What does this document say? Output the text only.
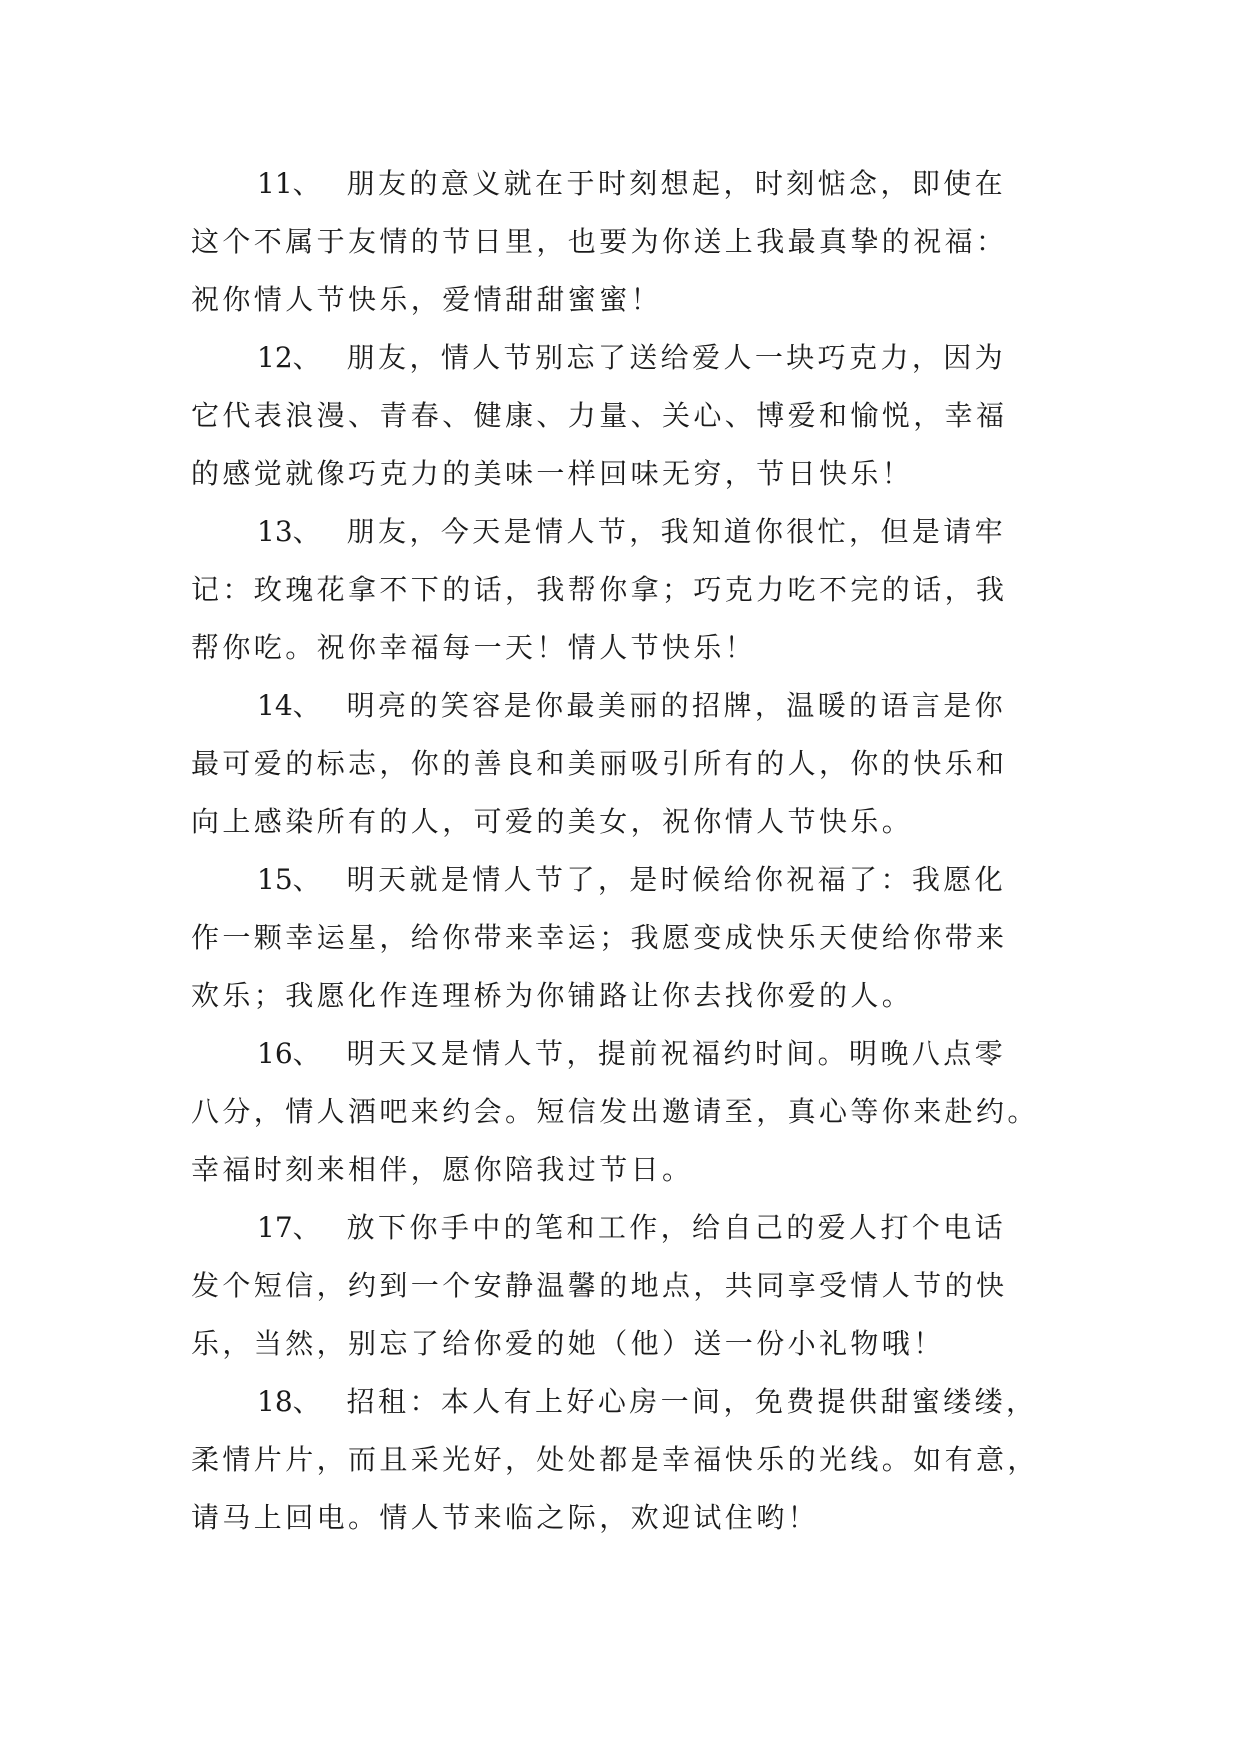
11、 朋友的意义就在于时刻想起，时刻惦念，即使在
这个不属于友情的节日里，也要为你送上我最真挚的祝福：
祝你情人节快乐，爱情甜甜蜜蜜！
12、 朋友，情人节别忘了送给爱人一块巧克力，因为
它代表浪漫、青春、健康、力量、关心、博爱和愉悦，幸福
的感觉就像巧克力的美味一样回味无穷，节日快乐！
13、 朋友，今天是情人节，我知道你很忙，但是请牢
记：玫瑰花拿不下的话，我帮你拿；巧克力吃不完的话，我
帮你吃。祝你幸福每一天！情人节快乐！
14、 明亮的笑容是你最美丽的招牌，温暖的语言是你
最可爱的标志，你的善良和美丽吸引所有的人，你的快乐和
向上感染所有的人，可爱的美女，祝你情人节快乐。
15、 明天就是情人节了，是时候给你祝福了：我愿化
作一颗幸运星，给你带来幸运；我愿变成快乐天使给你带来
欢乐；我愿化作连理桥为你铺路让你去找你爱的人。
16、 明天又是情人节，提前祝福约时间。明晚八点零
八分，情人酒吧来约会。短信发出邀请至，真心等你来赴约。
幸福时刻来相伴，愿你陪我过节日。
17、 放下你手中的笔和工作，给自己的爱人打个电话
发个短信，约到一个安静温馨的地点，共同享受情人节的快
乐，当然，别忘了给你爱的她（他）送一份小礼物哦！
18、 招租：本人有上好心房一间，免费提供甜蜜缕缕，
柔情片片，而且采光好，处处都是幸福快乐的光线。如有意，
请马上回电。情人节来临之际，欢迎试住哟！
